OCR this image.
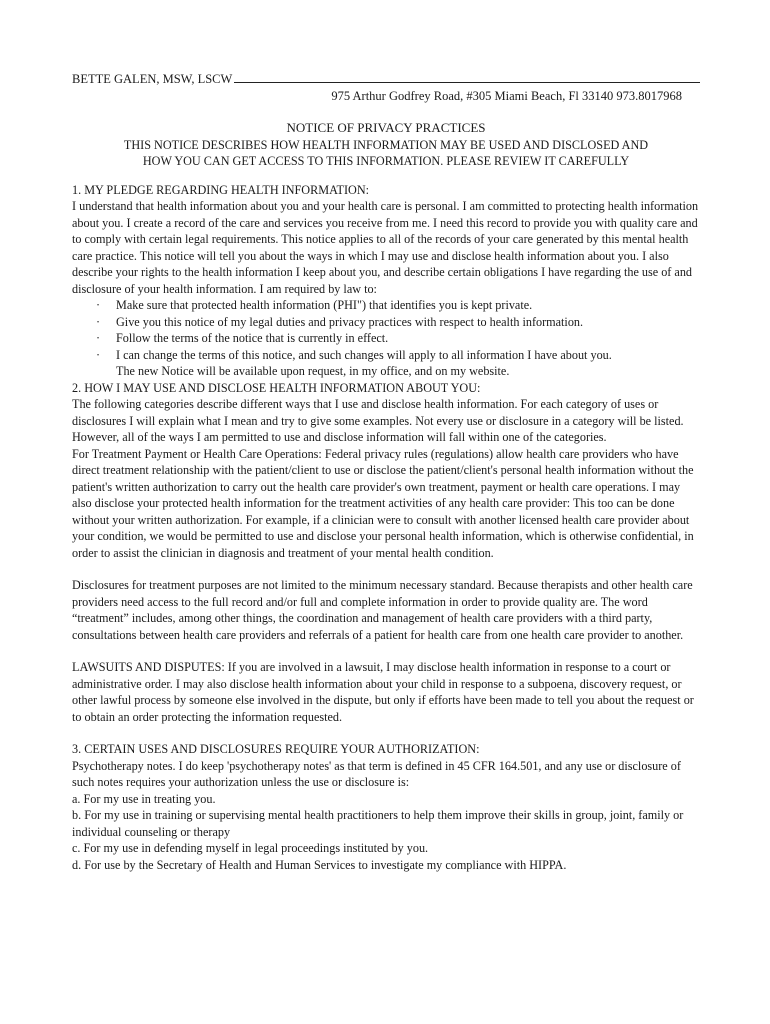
BETTE GALEN, MSW, LSCW
975 Arthur Godfrey Road, #305 Miami Beach, Fl 33140 973.8017968
NOTICE OF PRIVACY PRACTICES
THIS NOTICE DESCRIBES HOW HEALTH INFORMATION MAY BE USED AND DISCLOSED AND
HOW YOU CAN GET ACCESS TO THIS INFORMATION. PLEASE REVIEW IT CAREFULLY

1. MY PLEDGE REGARDING HEALTH INFORMATION:

I understand that health information about you and your health care is personal. I am committed to protecting health information about you. I create a record of the care and services you receive from me. I need this record to provide you with quality care and to comply with certain legal requirements. This notice applies to all of the records of your care generated by this mental health care practice. This notice will tell you about the ways in which I may use and disclose health information about you. I also describe your rights to the health information I keep about you, and describe certain obligations I have regarding the use of and disclosure of your health information. I am required by law to:

· Make sure that protected health information (PHI") that identifies you is kept private.
· Give you this notice of my legal duties and privacy practices with respect to health information.
· Follow the terms of the notice that is currently in effect.
· I can change the terms of this notice, and such changes will apply to all information I have about you.

The new Notice will be available upon request, in my office, and on my website.

2. HOW I MAY USE AND DISCLOSE HEALTH INFORMATION ABOUT YOU:

The following categories describe different ways that I use and disclose health information. For each category of uses or disclosures I will explain what I mean and try to give some examples. Not every use or disclosure in a category will be listed. However, all of the ways I am permitted to use and disclose information will fall within one of the categories.

For Treatment Payment or Health Care Operations: Federal privacy rules (regulations) allow health care providers who have direct treatment relationship with the patient/client to use or disclose the patient/client's personal health information without the patient's written authorization to carry out the health care provider's own treatment, payment or health care operations. I may also disclose your protected health information for the treatment activities of any health care provider: This too can be done without your written authorization. For example, if a clinician were to consult with another licensed health care provider about your condition, we would be permitted to use and disclose your personal health information, which is otherwise confidential, in order to assist the clinician in diagnosis and treatment of your mental health condition.

Disclosures for treatment purposes are not limited to the minimum necessary standard. Because therapists and other health care providers need access to the full record and/or full and complete information in order to provide quality are. The word “treatment” includes, among other things, the coordination and management of health care providers with a third party, consultations between health care providers and referrals of a patient for health care from one health care provider to another.

LAWSUITS AND DISPUTES: If you are involved in a lawsuit, I may disclose health information in response to a court or administrative order. I may also disclose health information about your child in response to a subpoena, discovery request, or other lawful process by someone else involved in the dispute, but only if efforts have been made to tell you about the request or to obtain an order protecting the information requested.

3. CERTAIN USES AND DISCLOSURES REQUIRE YOUR AUTHORIZATION:

Psychotherapy notes. I do keep 'psychotherapy notes' as that term is defined in 45 CFR 164.501, and any use or disclosure of such notes requires your authorization unless the use or disclosure is:

a. For my use in treating you.

b. For my use in training or supervising mental health practitioners to help them improve their skills in group, joint, family or individual counseling or therapy

c. For my use in defending myself in legal proceedings instituted by you.

d. For use by the Secretary of Health and Human Services to investigate my compliance with HIPPA.
